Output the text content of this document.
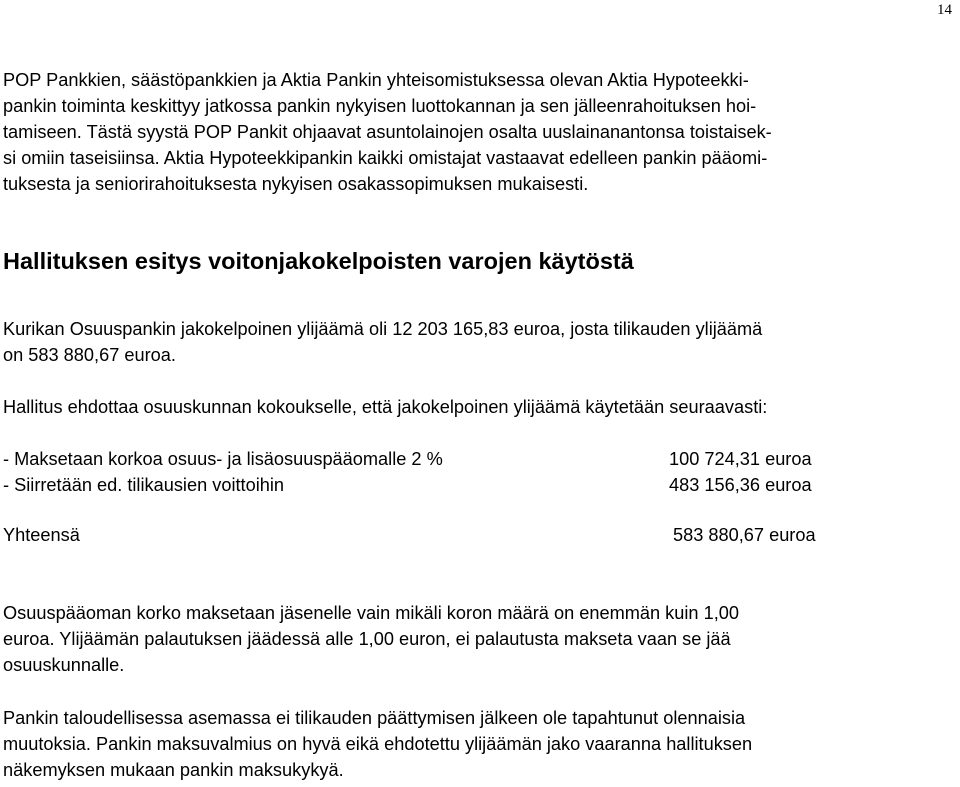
14
POP Pankkien, säästöpankkien ja Aktia Pankin yhteisomistuksessa olevan Aktia Hypoteekki-
pankin toiminta keskittyy jatkossa pankin nykyisen luottokannan ja sen jälleenrahoituksen hoi-
tamiseen. Tästä syystä POP Pankit ohjaavat asuntolainojen osalta uuslainanantonsa toistaisek-
si omiin taseisiinsa. Aktia Hypoteekkipankin kaikki omistajat vastaavat edelleen pankin pääomi-
tuksesta ja seniorirahoituksesta nykyisen osakassopimuksen mukaisesti.
Hallituksen esitys voitonjakokelpoisten varojen käytöstä
Kurikan Osuuspankin jakokelpoinen ylijäämä oli 12 203 165,83 euroa, josta tilikauden ylijäämä
on 583 880,67 euroa.
Hallitus ehdottaa osuuskunnan kokoukselle, että jakokelpoinen ylijäämä käytetään seuraavasti:
- Maksetaan korkoa osuus- ja lisäosuuspääomalle 2 %	100 724,31 euroa
- Siirretään ed. tilikausien voittoihin	483 156,36 euroa
Yhteensä	583 880,67 euroa
Osuuspääoman korko maksetaan jäsenelle vain mikäli koron määrä on enemmän kuin 1,00
euroa. Ylijäämän palautuksen jäädessä alle 1,00 euron, ei palautusta makseta vaan se jää
osuuskunnalle.
Pankin taloudellisessa asemassa ei tilikauden päättymisen jälkeen ole tapahtunut olennaisia
muutoksia. Pankin maksuvalmius on hyvä eikä ehdotettu ylijäämän jako vaaranna hallituksen
näkemyksen mukaan pankin maksukykyä.
